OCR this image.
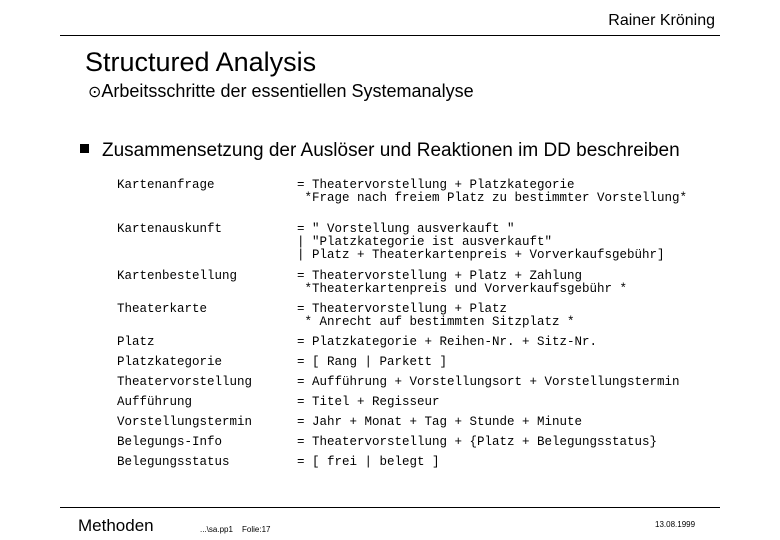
Rainer Kröning
Structured Analysis
⊙Arbeitsschritte der essentiellen Systemanalyse
Zusammensetzung der Auslöser und Reaktionen im DD beschreiben
Kartenanfrage	= Theatervorstellung + Platzkategorie
*Frage nach freiem Platz zu bestimmter Vorstellung*
Kartenauskunft	= " Vorstellung ausverkauft "
| "Platzkategorie ist ausverkauft"
| Platz + Theaterkartenpreis + Vorverkaufsgebühr]
Kartenbestellung	= Theatervorstellung + Platz + Zahlung
*Theaterkartenpreis und Vorverkaufsgebühr *
Theaterkarte	= Theatervorstellung + Platz
* Anrecht auf bestimmten Sitzplatz *
Platz	= Platzkategorie + Reihen-Nr. + Sitz-Nr.
Platzkategorie	= [ Rang | Parkett ]
Theatervorstellung	= Aufführung + Vorstellungsort + Vorstellungstermin
Aufführung	= Titel + Regisseur
Vorstellungstermin	= Jahr + Monat + Tag + Stunde + Minute
Belegungs-Info	= Theatervorstellung + {Platz + Belegungsstatus}
Belegungsstatus	= [ frei | belegt ]
Methoden	...\sa.pp1 Folie:17
13.08.1999
